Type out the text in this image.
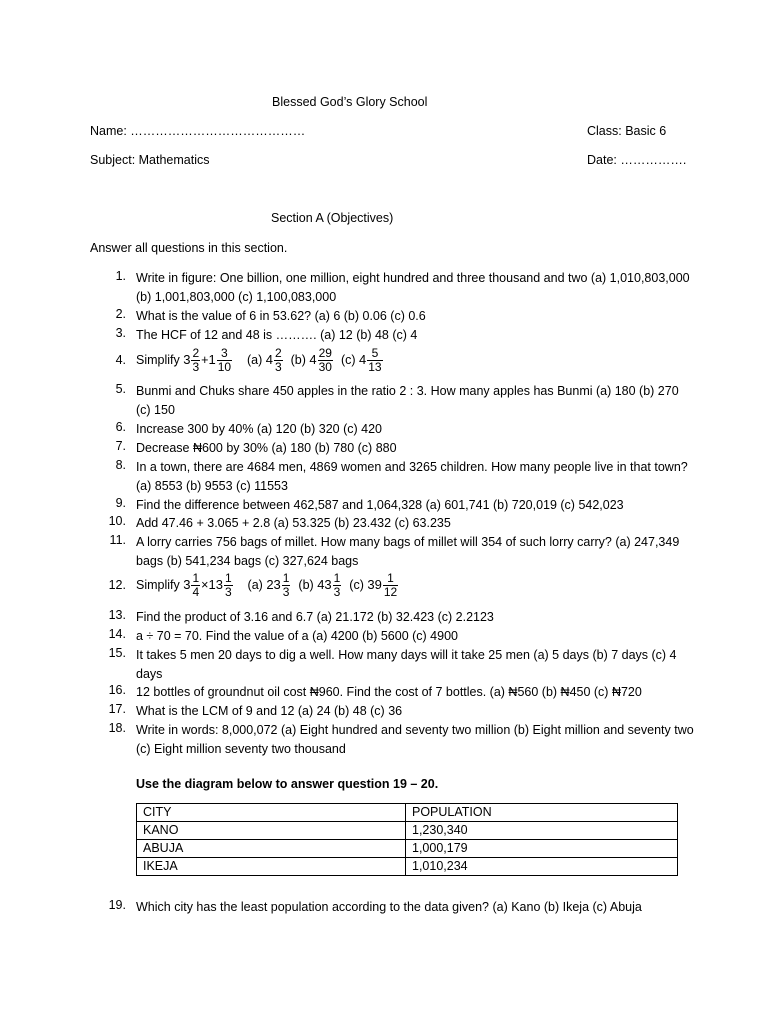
Blessed God’s Glory School
Name: ……………………………………	Class: Basic 6
Subject: Mathematics	Date: …………….
Section A (Objectives)
Answer all questions in this section.
1. Write in figure: One billion, one million, eight hundred and three thousand and two (a) 1,010,803,000 (b) 1,001,803,000 (c) 1,100,083,000
2. What is the value of 6 in 53.62? (a) 6 (b) 0.06 (c) 0.6
3. The HCF of 12 and 48 is ………. (a) 12 (b) 48 (c) 4
4. Simplify $3 \frac{2}{3} +1 \frac{3}{10} (a)$ $4 \frac{2}{3} (b)$ $4 \frac{29}{30} (c)$ $4 \frac{5}{13}$
5. Bunmi and Chuks share 450 apples in the ratio 2 : 3. How many apples has Bunmi (a) 180 (b) 270 (c) 150
6. Increase 300 by 40% (a) 120 (b) 320 (c) 420
7. Decrease ₦600 by 30% (a) 180 (b) 780 (c) 880
8. In a town, there are 4684 men, 4869 women and 3265 children. How many people live in that town? (a) 8553 (b) 9553 (c) 11553
9. Find the difference between 462,587 and 1,064,328 (a) 601,741 (b) 720,019 (c) 542,023
10. Add 47.46 + 3.065 + 2.8 (a) 53.325 (b) 23.432 (c) 63.235
11. A lorry carries 756 bags of millet. How many bags of millet will 354 of such lorry carry? (a) 247,349 bags (b) 541,234 bags (c) 327,624 bags
12. Simplify $3 \frac{1}{4} \times 13 \frac{1}{3} (a)$ $23 \frac{1}{3} (b)$ $43 \frac{1}{3} (c)$ $39 \frac{1}{12}$
13. Find the product of 3.16 and 6.7 (a) 21.172 (b) 32.423 (c) 2.2123
14. a ÷ 70 = 70. Find the value of a (a) 4200 (b) 5600 (c) 4900
15. It takes 5 men 20 days to dig a well. How many days will it take 25 men (a) 5 days (b) 7 days (c) 4 days
16. 12 bottles of groundnut oil cost ₦960. Find the cost of 7 bottles. (a) ₦560 (b) ₦450 (c) ₦720
17. What is the LCM of 9 and 12 (a) 24 (b) 48 (c) 36
18. Write in words: 8,000,072 (a) Eight hundred and seventy two million (b) Eight million and seventy two (c) Eight million seventy two thousand
Use the diagram below to answer question 19 – 20.
CITY	POPULATION
KANO	1,230,340
ABUJA	1,000,179
IKEJA	1,010,234
19. Which city has the least population according to the data given? (a) Kano (b) Ikeja (c) Abuja
